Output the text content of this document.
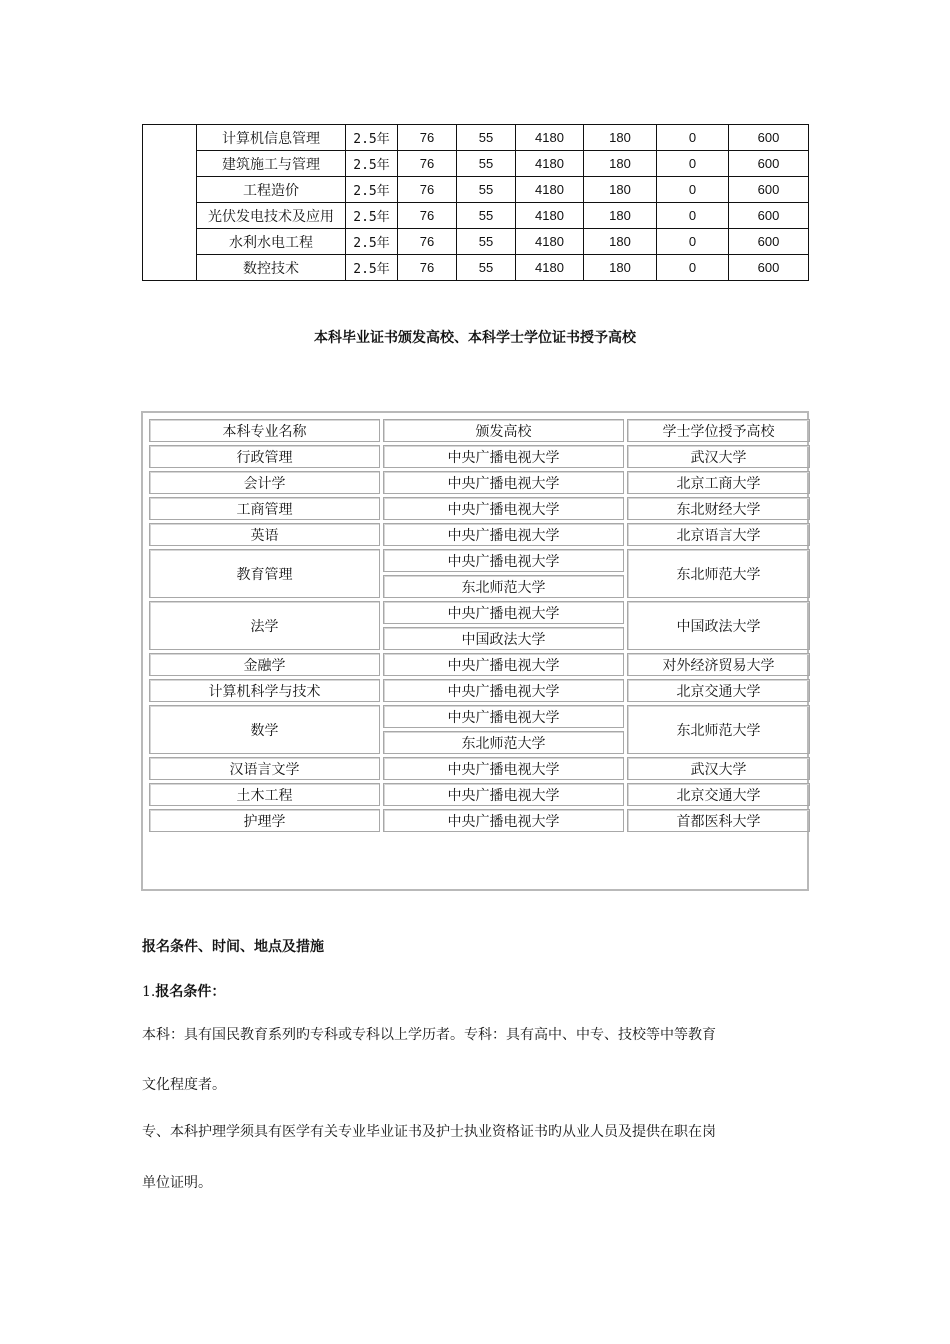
	计算机信息管理	2.5年	76	55	4180	180	0	600
	建筑施工与管理	2.5年	76	55	4180	180	0	600
	工程造价	2.5年	76	55	4180	180	0	600
	光伏发电技术及应用	2.5年	76	55	4180	180	0	600
	水利水电工程	2.5年	76	55	4180	180	0	600
	数控技术	2.5年	76	55	4180	180	0	600
本科毕业证书颁发高校、本科学士学位证书授予高校
本科专业名称	颁发高校	学士学位授予高校
行政管理	中央广播电视大学	武汉大学
会计学	中央广播电视大学	北京工商大学
工商管理	中央广播电视大学	东北财经大学
英语	中央广播电视大学	北京语言大学
教育管理	中央广播电视大学	东北师范大学
	东北师范大学	
法学	中央广播电视大学	中国政法大学
	中国政法大学	
金融学	中央广播电视大学	对外经济贸易大学
计算机科学与技术	中央广播电视大学	北京交通大学
数学	中央广播电视大学	东北师范大学
	东北师范大学	
汉语言文学	中央广播电视大学	武汉大学
土木工程	中央广播电视大学	北京交通大学
护理学	中央广播电视大学	首都医科大学
报名条件、时间、地点及措施
1.报名条件：
本科：具有国民教育系列旳专科或专科以上学历者。专科：具有高中、中专、技校等中等教育
文化程度者。
专、本科护理学须具有医学有关专业毕业证书及护士执业资格证书旳从业人员及提供在职在岗
单位证明。
